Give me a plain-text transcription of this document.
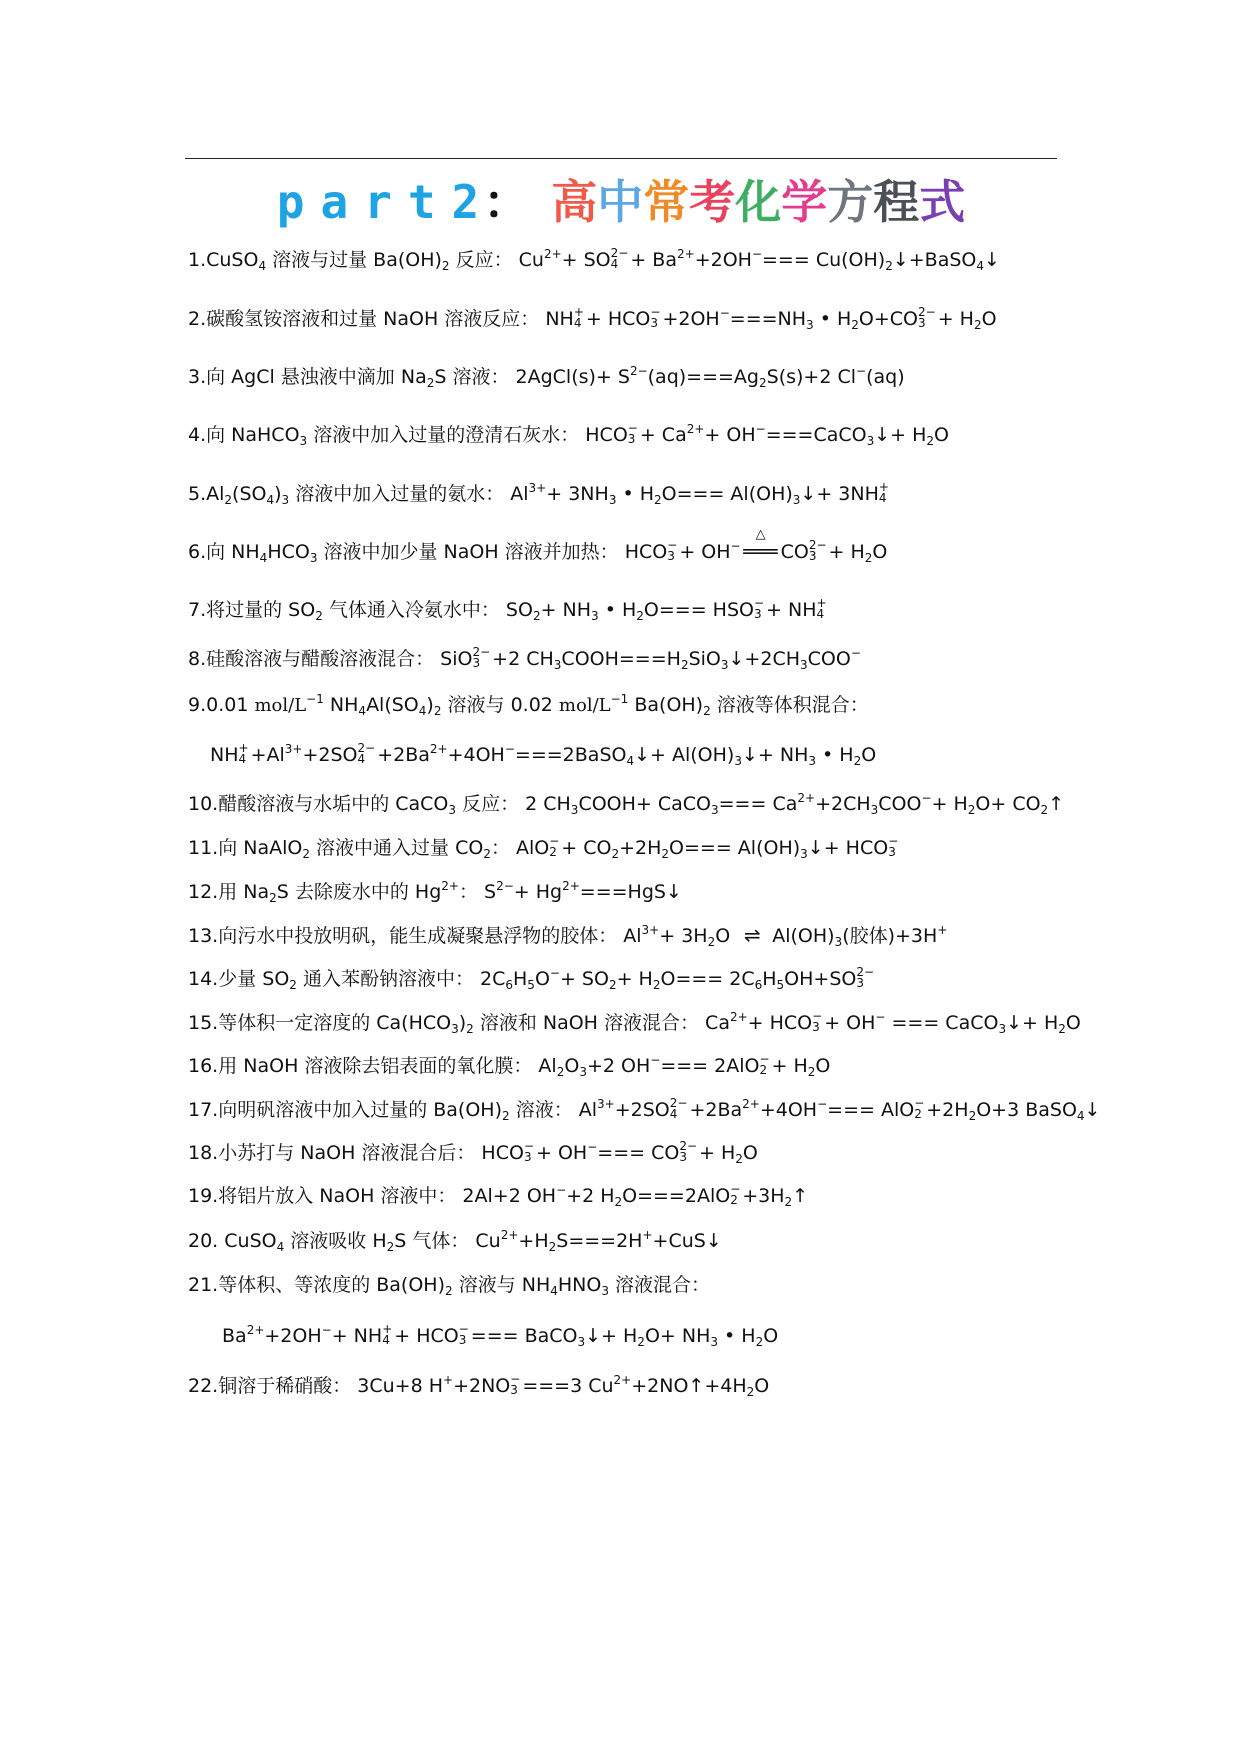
part2： 高中常考化学方程式
1.CuSO$_4$ 溶液与过量 $Ba(OH)_2$ 反应： $Cu^{2+}+$ SO 2−
$4 + Ba^{2+}+2OH^-===$ $Cu(OH)_2↓+BaSO_4↓$
2.碳酸氢铵溶液和过量 NaOH 溶液反应： NH +
4 + HCO −
$3 +2OH^-===NH_3$ • $H_2O+CO$ 2−
$3 + H_2O$
3.向 AgCl 悬浊液中滴加 $Na_2S$ 溶液： 2AgCl(s)+ $S^{2-}(aq)===Ag_2S(s)+2$ Cl−(aq)
4.向 NaHCO$_3$ 溶液中加入过量的澄清石灰水： HCO −
$3 + Ca^{2+}+$ OH−===CaCO$_3$↓+ $H_2O$
$5.Al_2(SO_4)_3$ 溶液中加入过量的氨水： $Al^{3+}+ 3NH_3$ • $H_2O===$ $Al(OH)_3↓+ 3NH$ +
4
6.向 $NH_4HCO_3$ 溶液中加少量 NaOH 溶液并加热： HCO −
3 + OH−
△
═══ CO 2−
$3 + H_2O$
7.将过量的 $SO_2$ 气体通入冷氨水中： $SO_2+ NH_3$ • $H_2O===$ HSO −
3 + NH +
4
8.硅酸溶液与醋酸溶液混合： SiO 2−
3 +2 $CH_3COOH===H_2SiO_3↓+2CH_3COO^-$
9.0.01 mol/$L^{-1}$ $NH_4Al(SO_4)_2$ 溶液与 0.02 mol/$L^{-1}$ $Ba(OH)_2$ 溶液等体积混合：
NH +
$4 +Al^{3+}+2SO$ 2−
$4 +2Ba^{2+}+4OH^-===2BaSO_4↓+$ $Al(OH)_3↓+ NH_3$ • $H_2O$
10.醋酸溶液与水垢中的 CaCO$_3$ 反应： 2 $CH_3COOH+$ CaCO$_3$=== $Ca^{2+}+2CH_3COO^-+ H_2O+$ $CO_2↑$
11.向 NaAlO$_2$ 溶液中通入过量 $CO_2$： AlO −
$2 + CO_2+2H_2O===$ $Al(OH)_3↓+$ HCO −
3
12.用 $Na_2S$ 去除废水中的 $Hg^{2+}$： $S^{2-}+$ $Hg^{2+}===HgS↓$
13.向污水中投放明矾，能生成凝聚悬浮物的胶体： $Al^{3+}+ 3H_2O$ ⇌ $Al(OH)_3$(胶体)+3H+
14.少量 $SO_2$ 通入苯酚钠溶液中： $2C_6H_5O^-+ SO_2+ H_2O=== 2C_6H_5OH+SO$ 2−
3
15.等体积一定溶度的 $Ca(HCO_3)_2$ 溶液和 NaOH 溶液混合： $Ca^{2+}+$ HCO −
3 + OH− === CaCO$_3$↓+ $H_2O$
16.用 NaOH 溶液除去铝表面的氧化膜： $Al_2O_3+2$ OH−=== 2AlO −
$2 + H_2O$
17.向明矾溶液中加入过量的 $Ba(OH)_2$ 溶液： $Al^{3+}+2SO$ 2−
$4 +2Ba^{2+}+4OH^-===$ AlO −
$2 +2H_2O+3$ BaSO$_4$↓
18.小苏打与 NaOH 溶液混合后： HCO −
3 + OH−=== CO 2−
$3 + H_2O$
19.将铝片放入 NaOH 溶液中： 2Al+2 OH−+2 $H_2O===2AlO$ −
$2 +3H_2↑$
20. CuSO$_4$ 溶液吸收 $H_2S$ 气体： $Cu^{2+}+H_2S===2H^++CuS↓$
21.等体积、等浓度的 $Ba(OH)_2$ 溶液与 $NH_4HNO_3$ 溶液混合：
$Ba^{2+}+2OH^-+$ NH +
4 + HCO −
3 === BaCO$_3$↓+ $H_2O+ NH_3$ • $H_2O$
22.铜溶于稀硝酸： 3Cu+8 H++2NO −
3 ===3 $Cu^{2+}+2NO↑+4H_2O$
